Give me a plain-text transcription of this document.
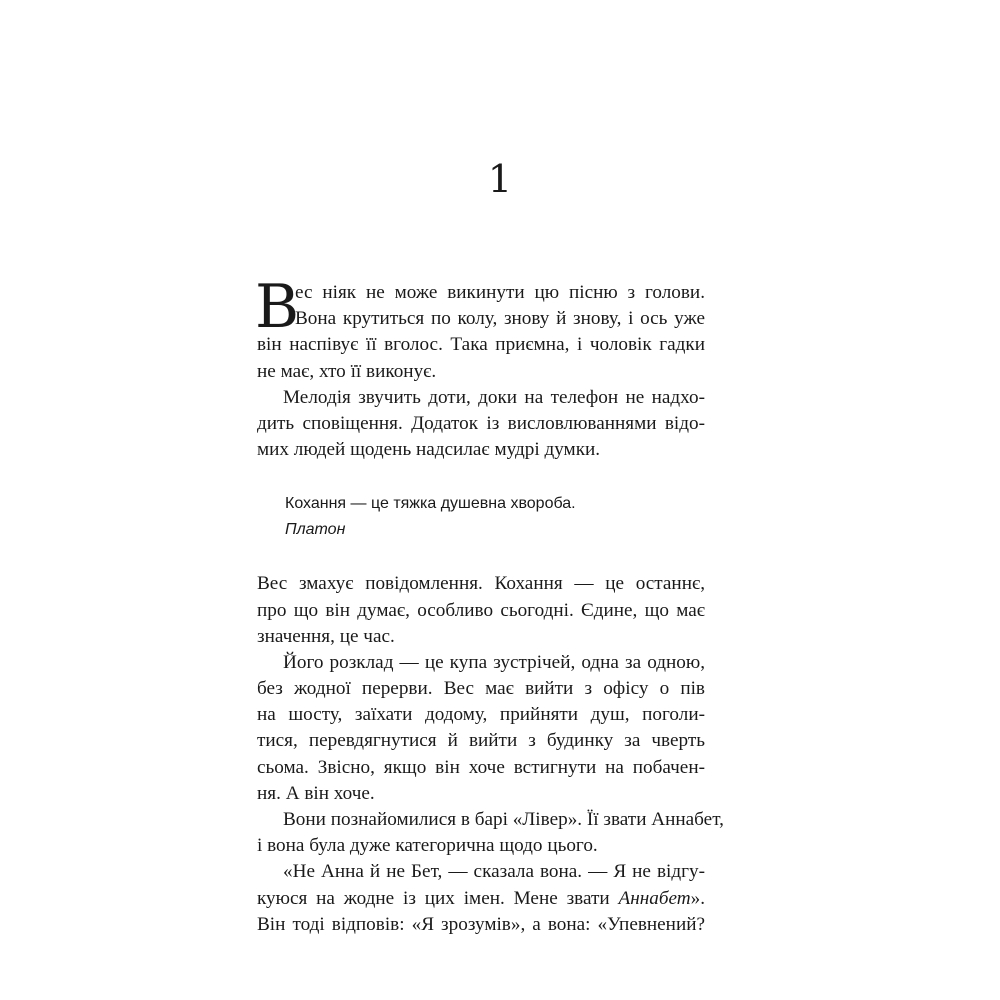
1
В
ес ніяк не може викинути цю пісню з голови.
Вона крутиться по колу, знову й знову, і ось уже
він наспівує її вголос. Така приємна, і чоловік гадки
не має, хто її виконує.
Мелодія звучить доти, доки на телефон не надхо-
дить сповіщення. Додаток із висловлюваннями відо-
мих людей щодень надсилає мудрі думки.
Кохання — це тяжка душевна хвороба.
Платон
Вес змахує повідомлення. Кохання — це останнє,
про що він думає, особливо сьогодні. Єдине, що має
значення, це час.
Його розклад — це купа зустрічей, одна за одною,
без жодної перерви. Вес має вийти з офісу о пів
на шосту, заїхати додому, прийняти душ, поголи-
тися, перевдягнутися й вийти з будинку за чверть
сьома. Звісно, якщо він хоче встигнути на побачен-
ня. А він хоче.
Вони познайомилися в барі «Лівер». Її звати Аннабет,
і вона була дуже категорична щодо цього.
«Не Анна й не Бет, — сказала вона. — Я не відгу-
куюся на жодне із цих імен. Мене звати Аннабет».
Він тоді відповів: «Я зрозумів», а вона: «Упевнений?
